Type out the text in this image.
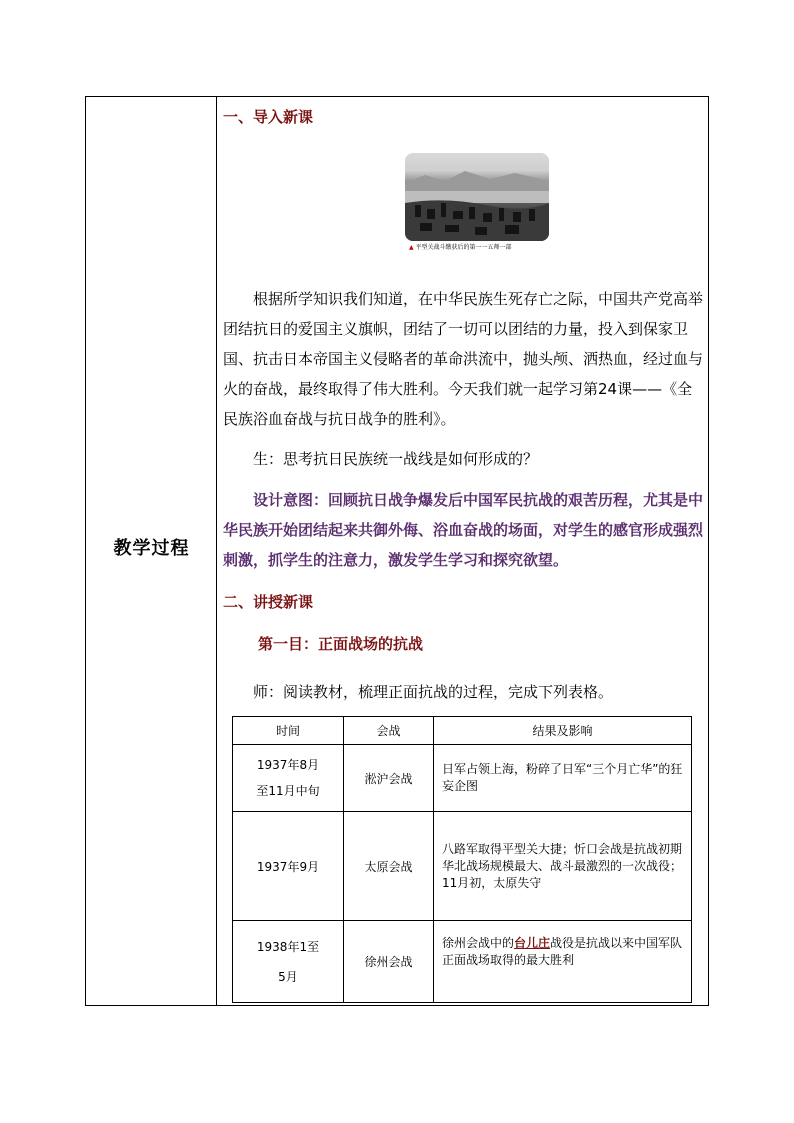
教学过程
一、导入新课
▲ 平型关战斗缴获后的第一一五师一部

根据所学知识我们知道，在中华民族生死存亡之际，中国共产党高举团结抗日的爱国主义旗帜，团结了一切可以团结的力量，投入到保家卫国、抗击日本帝国主义侵略者的革命洪流中，抛头颅、洒热血，经过血与火的奋战，最终取得了伟大胜利。今天我们就一起学习第24课——《全民族浴血奋战与抗日战争的胜利》。

生：思考抗日民族统一战线是如何形成的？

设计意图：回顾抗日战争爆发后中国军民抗战的艰苦历程，尤其是中华民族开始团结起来共御外侮、浴血奋战的场面，对学生的感官形成强烈刺激，抓学生的注意力，激发学生学习和探究欲望。

二、讲授新课
第一目：正面战场的抗战

师：阅读教材，梳理正面抗战的过程，完成下列表格。

时间	会战	结果及影响

1937年8月
至11月中旬	淞沪会战	日军占领上海，粉碎了日军“三个月亡华”的狂妄企图
1937年9月	太原会战	八路军取得平型关大捷；忻口会战是抗战初期华北战场规模最大、战斗最激烈的一次战役；11月初，太原失守

1938年1至
5月	徐州会战	徐州会战中的台儿庄战役是抗战以来中国军队正面战场取得的最大胜利
